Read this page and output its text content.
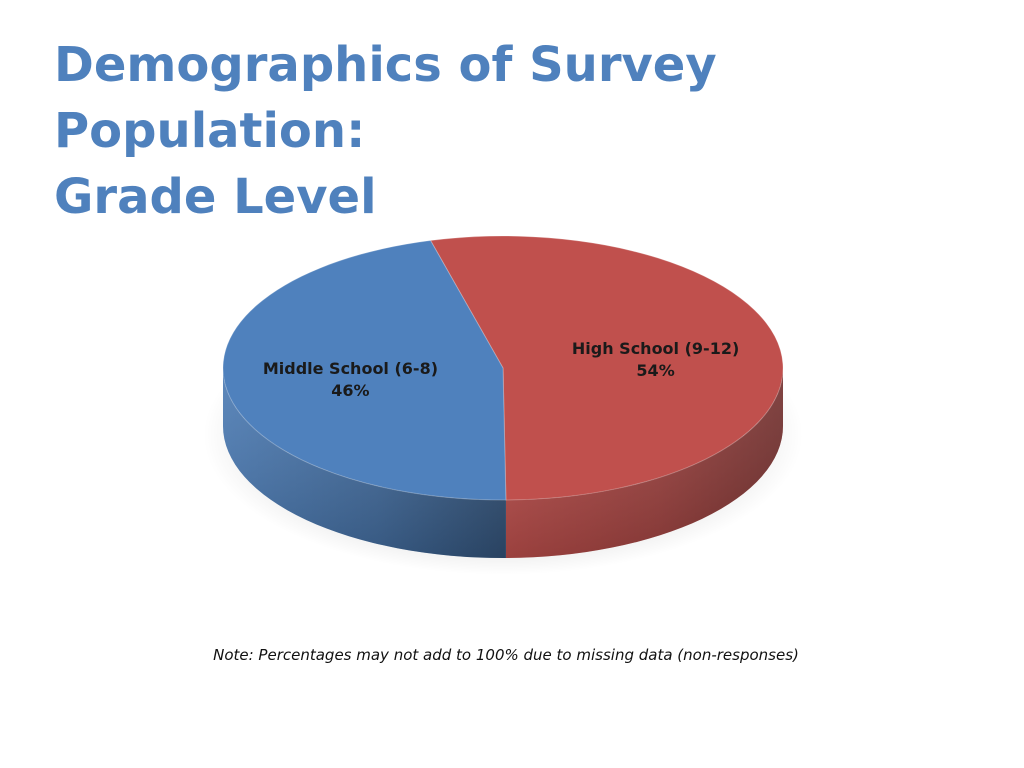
Demographics of Survey Population:
Grade Level
High School (9-12)
54%
Middle School (6-8)
46%
Note: Percentages may not add to 100% due to missing data (non-responses)
